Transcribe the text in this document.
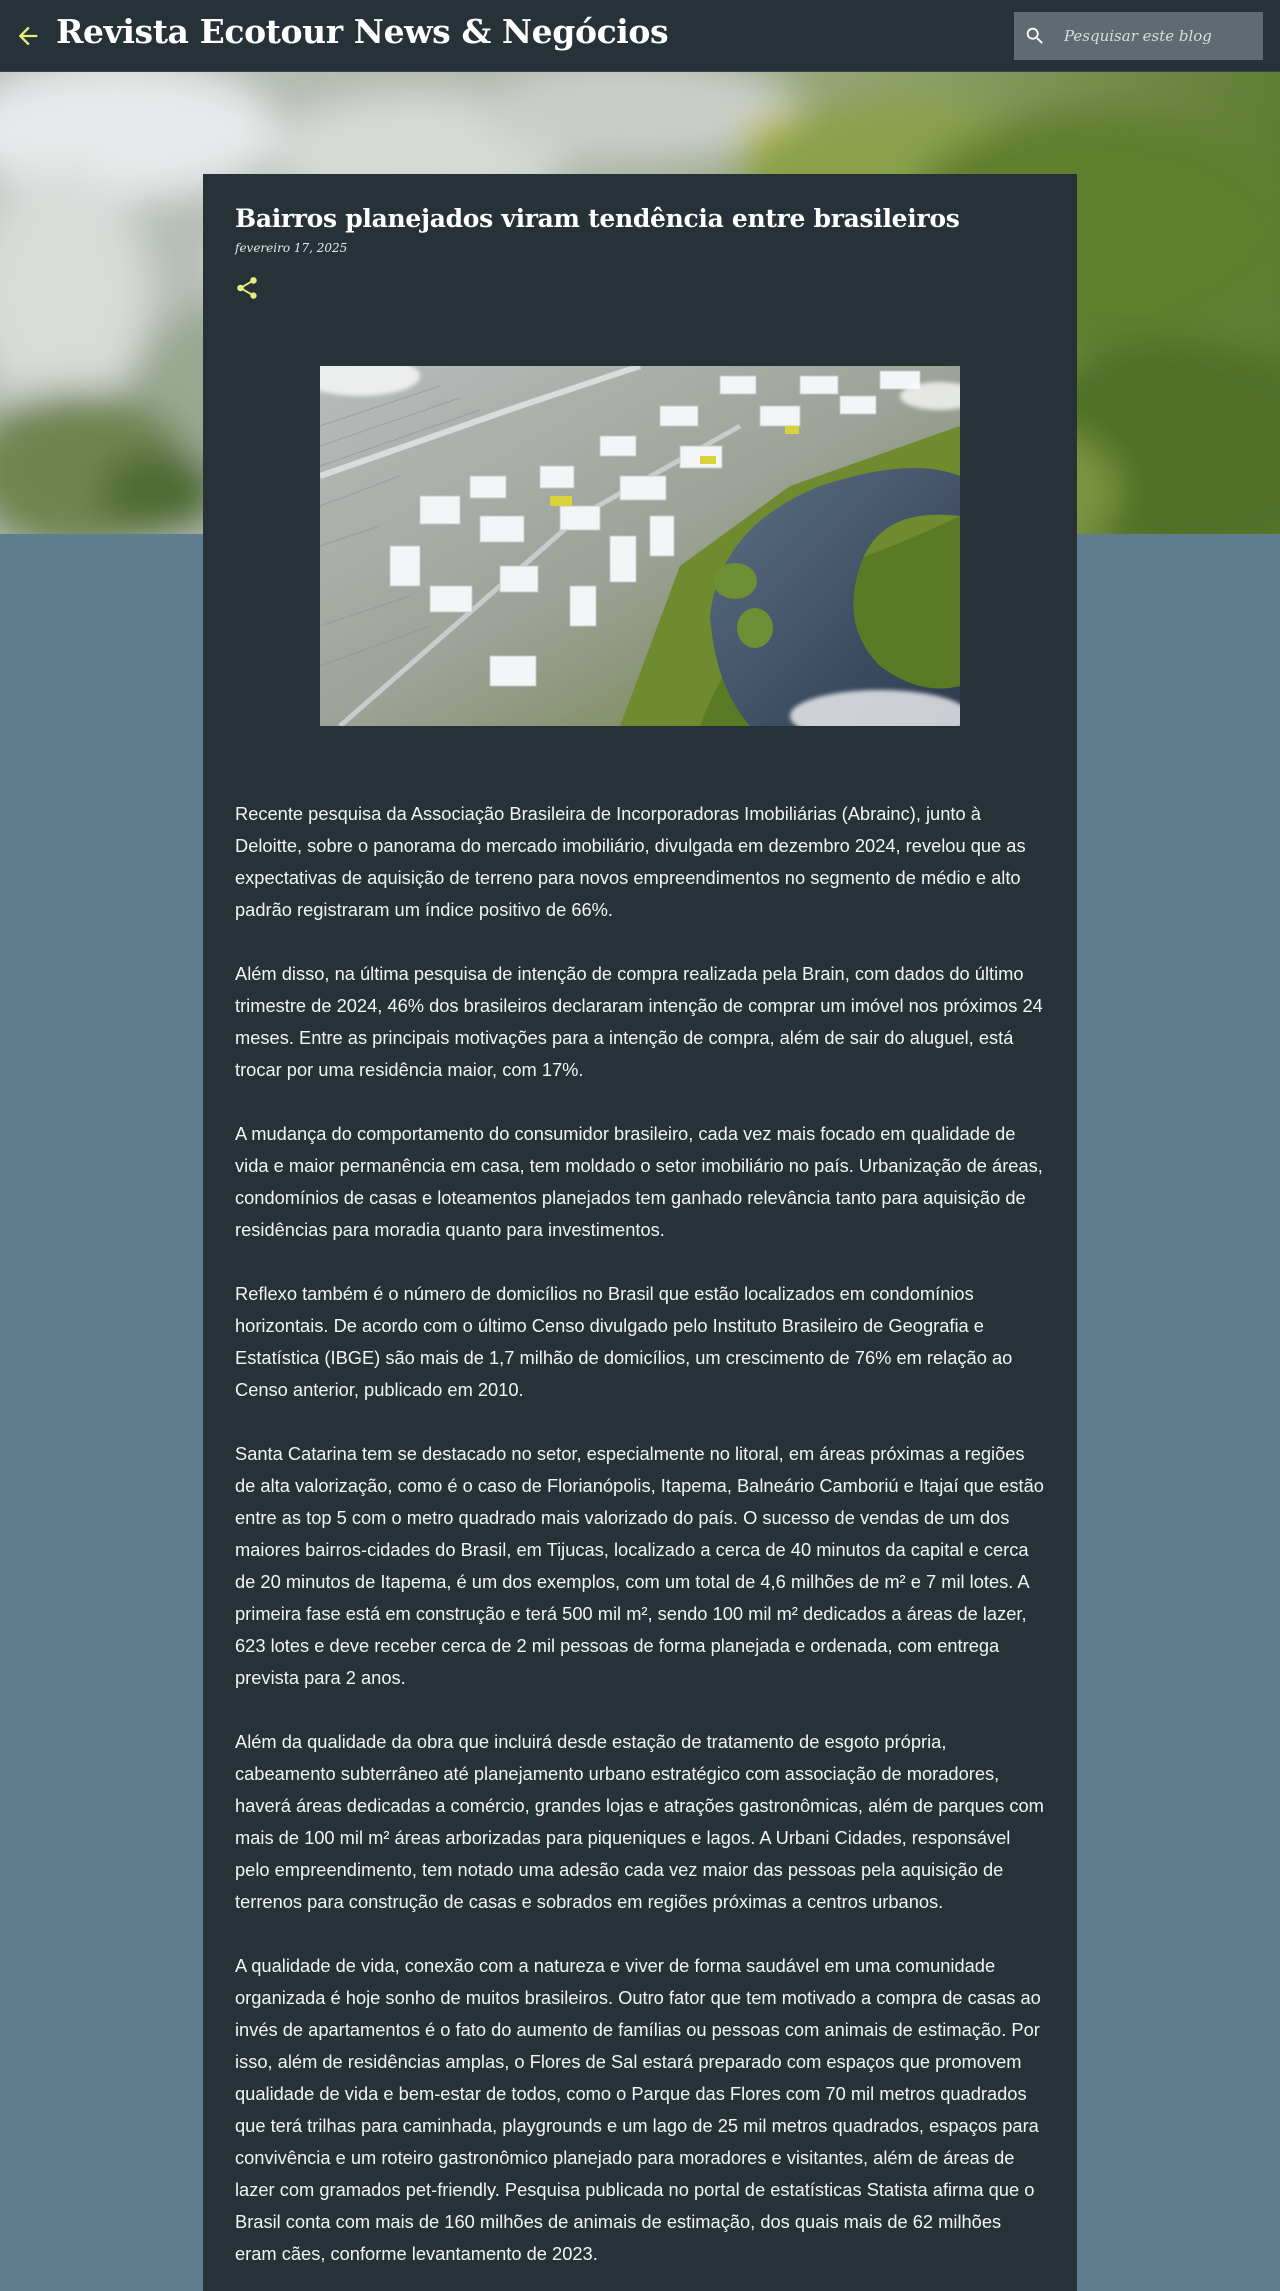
Revista Ecotour News & Negócios
Pesquisar este blog
Bairros planejados viram tendência entre brasileiros
fevereiro 17, 2025

Recente pesquisa da Associação Brasileira de Incorporadoras Imobiliárias (Abrainc), junto à Deloitte, sobre o panorama do mercado imobiliário, divulgada em dezembro 2024, revelou que as expectativas de aquisição de terreno para novos empreendimentos no segmento de médio e alto padrão registraram um índice positivo de 66%.

Além disso, na última pesquisa de intenção de compra realizada pela Brain, com dados do último trimestre de 2024, 46% dos brasileiros declararam intenção de comprar um imóvel nos próximos 24 meses. Entre as principais motivações para a intenção de compra, além de sair do aluguel, está trocar por uma residência maior, com 17%.

A mudança do comportamento do consumidor brasileiro, cada vez mais focado em qualidade de vida e maior permanência em casa, tem moldado o setor imobiliário no país. Urbanização de áreas, condomínios de casas e loteamentos planejados tem ganhado relevância tanto para aquisição de residências para moradia quanto para investimentos.

Reflexo também é o número de domicílios no Brasil que estão localizados em condomínios horizontais. De acordo com o último Censo divulgado pelo Instituto Brasileiro de Geografia e Estatística (IBGE) são mais de 1,7 milhão de domicílios, um crescimento de 76% em relação ao Censo anterior, publicado em 2010.

Santa Catarina tem se destacado no setor, especialmente no litoral, em áreas próximas a regiões de alta valorização, como é o caso de Florianópolis, Itapema, Balneário Camboriú e Itajaí que estão entre as top 5 com o metro quadrado mais valorizado do país. O sucesso de vendas de um dos maiores bairros-cidades do Brasil, em Tijucas, localizado a cerca de 40 minutos da capital e cerca de 20 minutos de Itapema, é um dos exemplos, com um total de 4,6 milhões de m² e 7 mil lotes. A primeira fase está em construção e terá 500 mil m², sendo 100 mil m² dedicados a áreas de lazer, 623 lotes e deve receber cerca de 2 mil pessoas de forma planejada e ordenada, com entrega prevista para 2 anos.

Além da qualidade da obra que incluirá desde estação de tratamento de esgoto própria, cabeamento subterrâneo até planejamento urbano estratégico com associação de moradores, haverá áreas dedicadas a comércio, grandes lojas e atrações gastronômicas, além de parques com mais de 100 mil m² áreas arborizadas para piqueniques e lagos. A Urbani Cidades, responsável pelo empreendimento, tem notado uma adesão cada vez maior das pessoas pela aquisição de terrenos para construção de casas e sobrados em regiões próximas a centros urbanos.

A qualidade de vida, conexão com a natureza e viver de forma saudável em uma comunidade organizada é hoje sonho de muitos brasileiros. Outro fator que tem motivado a compra de casas ao invés de apartamentos é o fato do aumento de famílias ou pessoas com animais de estimação. Por isso, além de residências amplas, o Flores de Sal estará preparado com espaços que promovem qualidade de vida e bem-estar de todos, como o Parque das Flores com 70 mil metros quadrados que terá trilhas para caminhada, playgrounds e um lago de 25 mil metros quadrados, espaços para convivência e um roteiro gastronômico planejado para moradores e visitantes, além de áreas de lazer com gramados pet-friendly. Pesquisa publicada no portal de estatísticas Statista afirma que o Brasil conta com mais de 160 milhões de animais de estimação, dos quais mais de 62 milhões eram cães, conforme levantamento de 2023.
